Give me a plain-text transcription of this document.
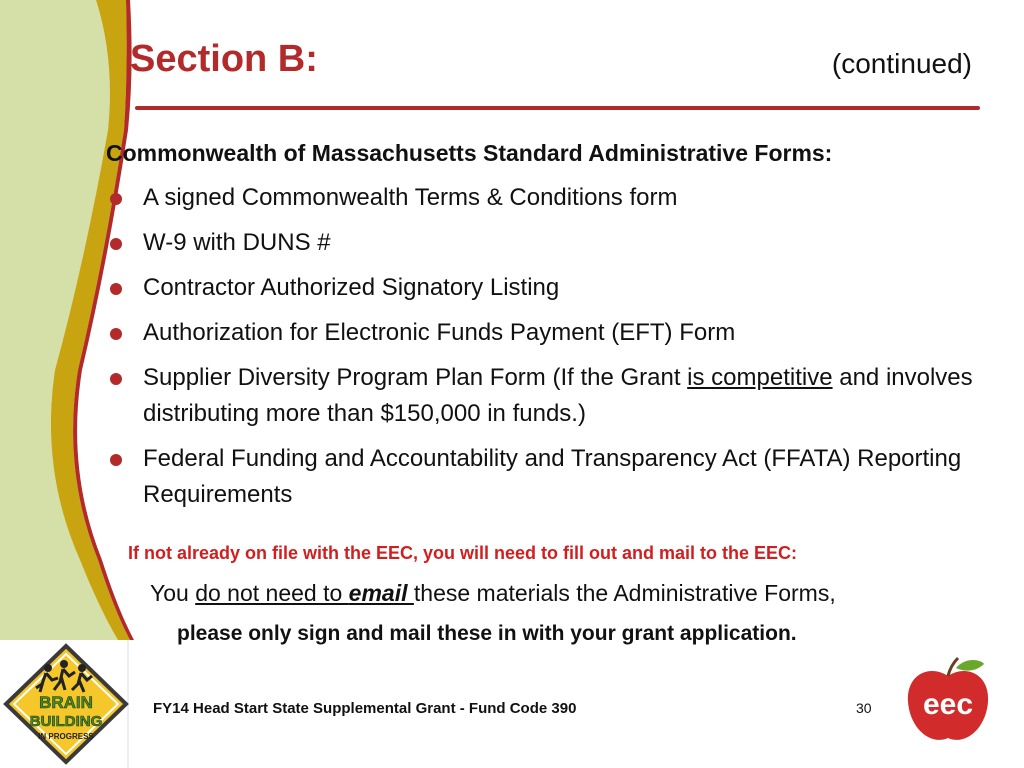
Section B:	(continued)
Commonwealth of Massachusetts Standard Administrative Forms:
A signed Commonwealth Terms & Conditions form
W-9 with DUNS #
Contractor Authorized Signatory Listing
Authorization for Electronic Funds Payment (EFT) Form
Supplier Diversity Program Plan Form (If the Grant is competitive and involves distributing more than $150,000 in funds.)
Federal Funding and Accountability and Transparency Act (FFATA) Reporting Requirements
If not already on file with the EEC, you will need to fill out and mail to the EEC:
You do not need to email these materials the Administrative Forms,
please only sign and mail these in with your grant application.
BRAIN
BUILDING
IN PROGRESS
FY14 Head Start State Supplemental Grant - Fund Code 390	30 eec
